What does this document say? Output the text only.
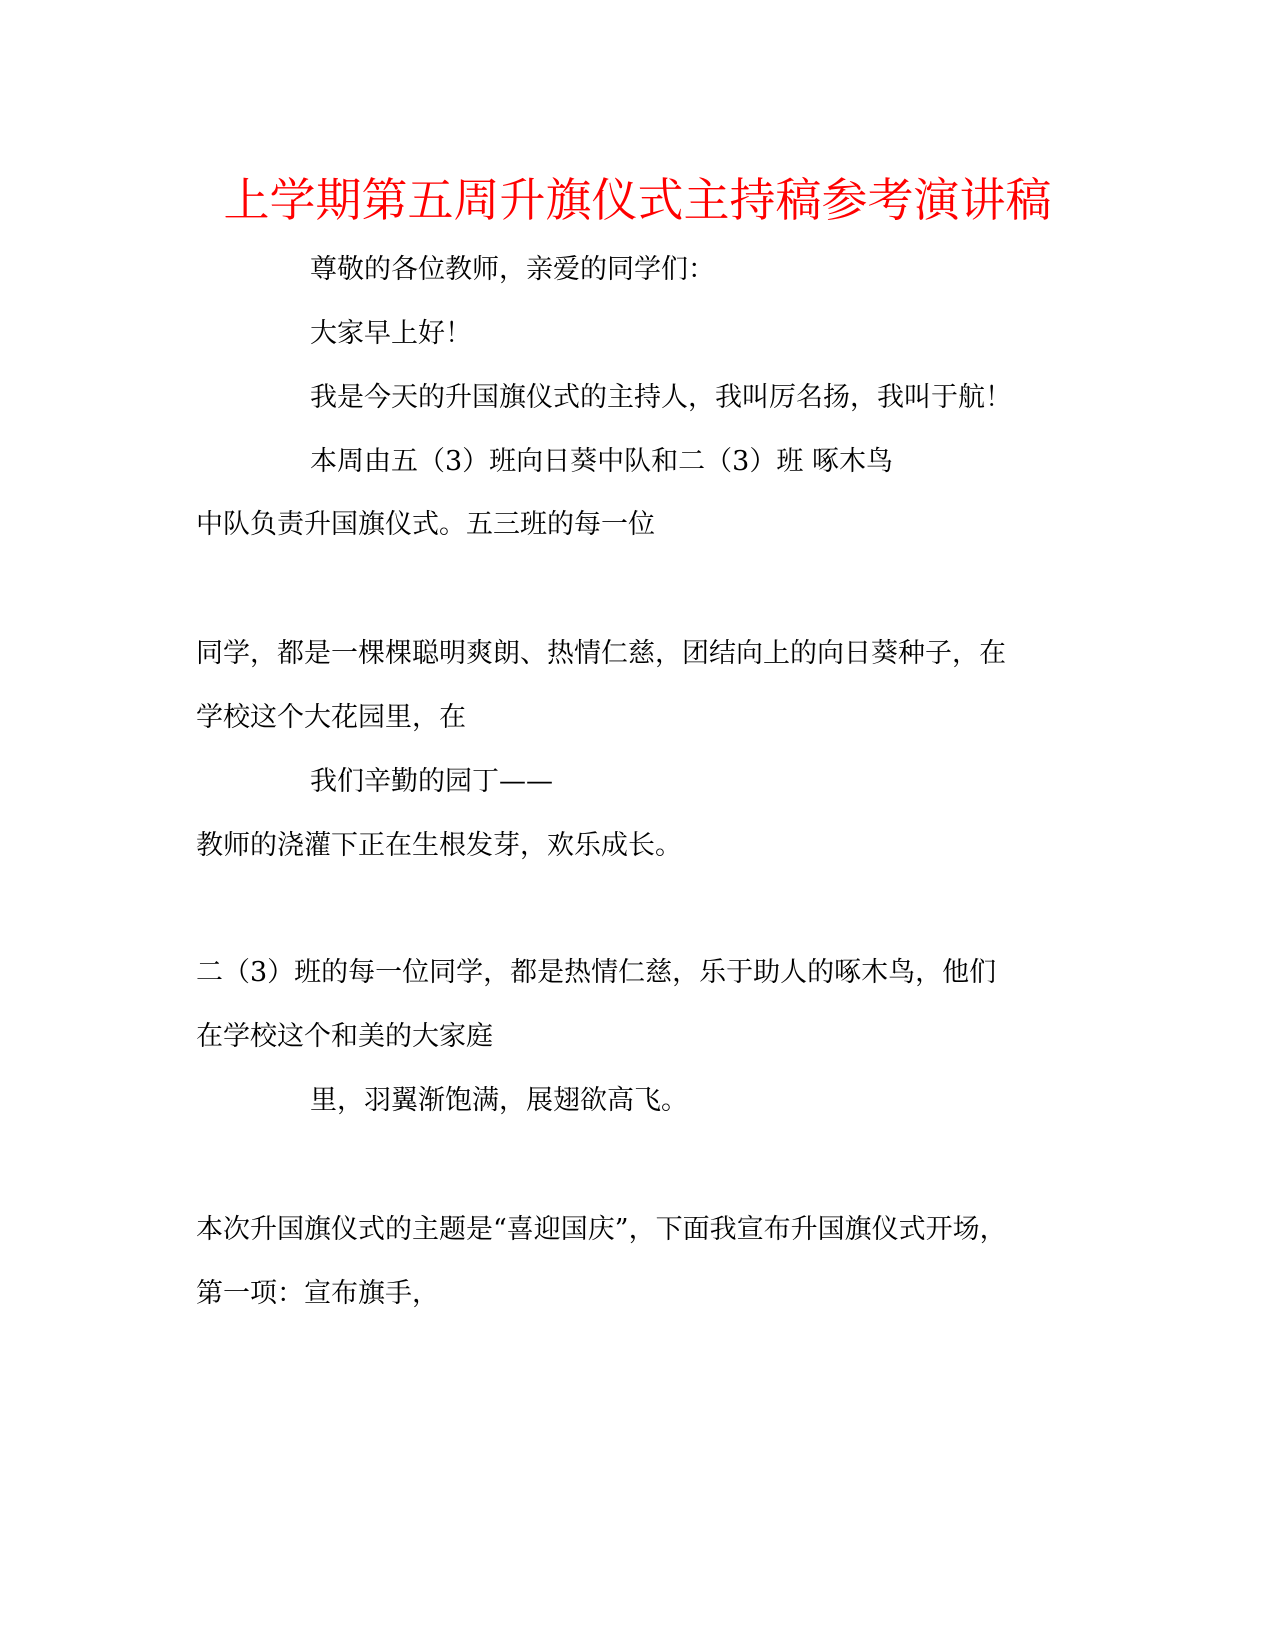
上学期第五周升旗仪式主持稿参考演讲稿
尊敬的各位教师，亲爱的同学们：
大家早上好！
我是今天的升国旗仪式的主持人，我叫厉名扬，我叫于航！
本周由五（3）班向日葵中队和二（3）班 啄木鸟
中队负责升国旗仪式。五三班的每一位
同学，都是一棵棵聪明爽朗、热情仁慈，团结向上的向日葵种子，在
学校这个大花园里，在
我们辛勤的园丁——
教师的浇灌下正在生根发芽，欢乐成长。
二（3）班的每一位同学，都是热情仁慈，乐于助人的啄木鸟，他们
在学校这个和美的大家庭
里，羽翼渐饱满，展翅欲高飞。
本次升国旗仪式的主题是“喜迎国庆”，下面我宣布升国旗仪式开场，
第一项：宣布旗手，
